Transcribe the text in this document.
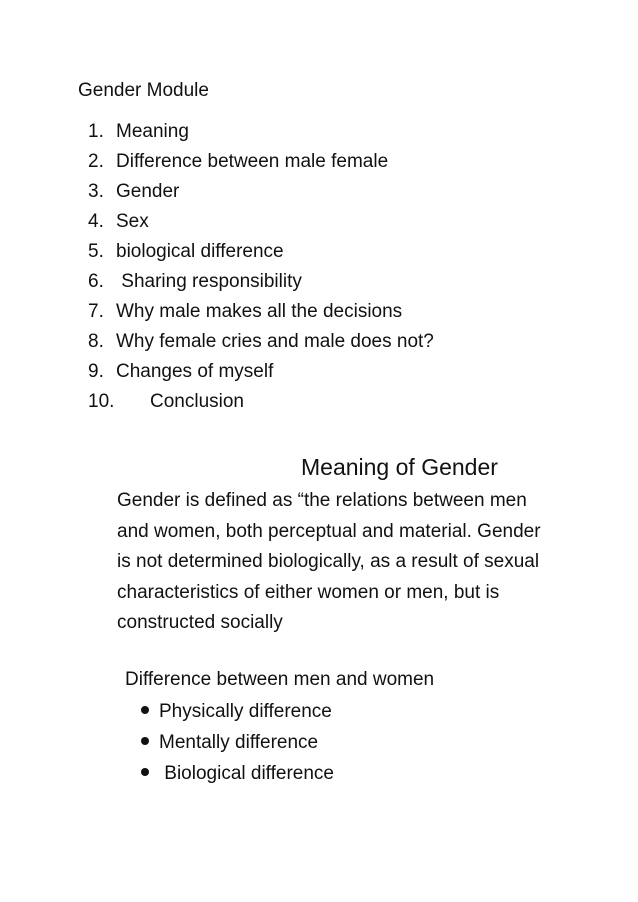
Gender Module
1. Meaning
2. Difference between male female
3. Gender
4. Sex
5. biological difference
6. Sharing responsibility
7. Why male makes all the decisions
8. Why female cries and male does not?
9. Changes of myself
10. Conclusion
Meaning of Gender
Gender is defined as “the relations between men
and women, both perceptual and material. Gender
is not determined biologically, as a result of sexual
characteristics of either women or men, but is
constructed socially
Difference between men and women
Physically difference
Mentally difference
Biological difference
